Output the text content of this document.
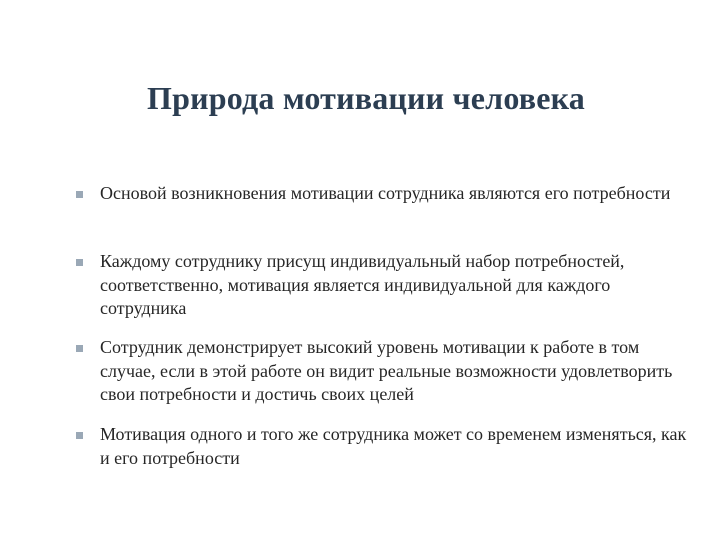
Природа мотивации человека
Основой возникновения мотивации сотрудника являются его потребности
Каждому сотруднику присущ индивидуальный набор потребностей, соответственно, мотивация является индивидуальной для каждого сотрудника
Сотрудник демонстрирует высокий уровень мотивации к работе в том случае, если в этой работе он видит реальные возможности удовлетворить свои потребности и достичь своих целей
Мотивация одного и того же сотрудника может со временем изменяться, как и его потребности
